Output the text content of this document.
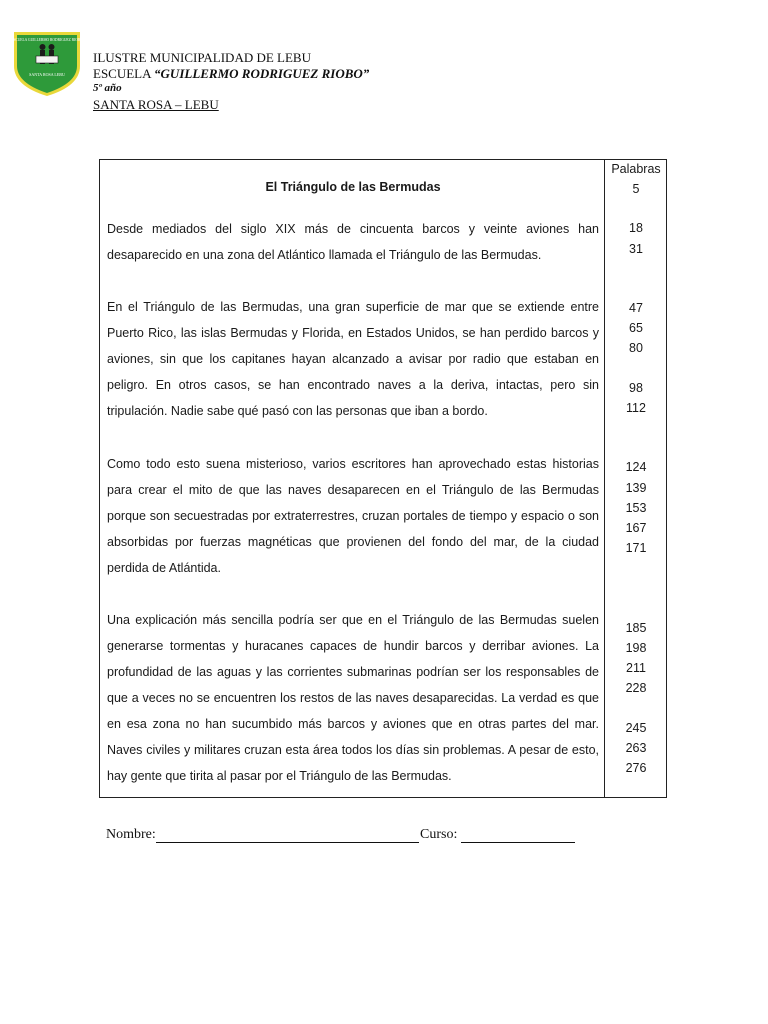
ESCUELA GUILLERMO RODRIGUEZ RIOBO
SANTA ROSA LEBU
ILUSTRE MUNICIPALIDAD DE LEBU
ESCUELA “GUILLERMO RODRIGUEZ RIOBO”
5º año
SANTA ROSA – LEBU
El Triángulo de las Bermudas
Desde mediados del siglo XIX más de cincuenta barcos y veinte aviones han desaparecido en una zona del Atlántico llamada el Triángulo de las Bermudas.
En el Triángulo de las Bermudas, una gran superficie de mar que se extiende entre Puerto Rico, las islas Bermudas y Florida, en Estados Unidos, se han perdido barcos y aviones, sin que los capitanes hayan alcanzado a avisar por radio que estaban en peligro. En otros casos, se han encontrado naves a la deriva, intactas, pero sin tripulación. Nadie sabe qué pasó con las personas que iban a bordo.
Como todo esto suena misterioso, varios escritores han aprovechado estas historias para crear el mito de que las naves desaparecen en el Triángulo de las Bermudas porque son secuestradas por extraterrestres, cruzan portales de tiempo y espacio o son absorbidas por fuerzas magnéticas que provienen del fondo del mar, de la ciudad perdida de Atlántida.
Una explicación más sencilla podría ser que en el Triángulo de las Bermudas suelen generarse tormentas y huracanes capaces de hundir barcos y derribar aviones. La profundidad de las aguas y las corrientes submarinas podrían ser los responsables de que a veces no se encuentren los restos de las naves desaparecidas. La verdad es que en esa zona no han sucumbido más barcos y aviones que en otras partes del mar. Naves civiles y militares cruzan esta área todos los días sin problemas. A pesar de esto, hay gente que tirita al pasar por el Triángulo de las Bermudas.
Palabras
5
18
31
47
65
80
98
112
124
139
153
167
171
185
198
211
228
245
263
276
Nombre:	Curso:
